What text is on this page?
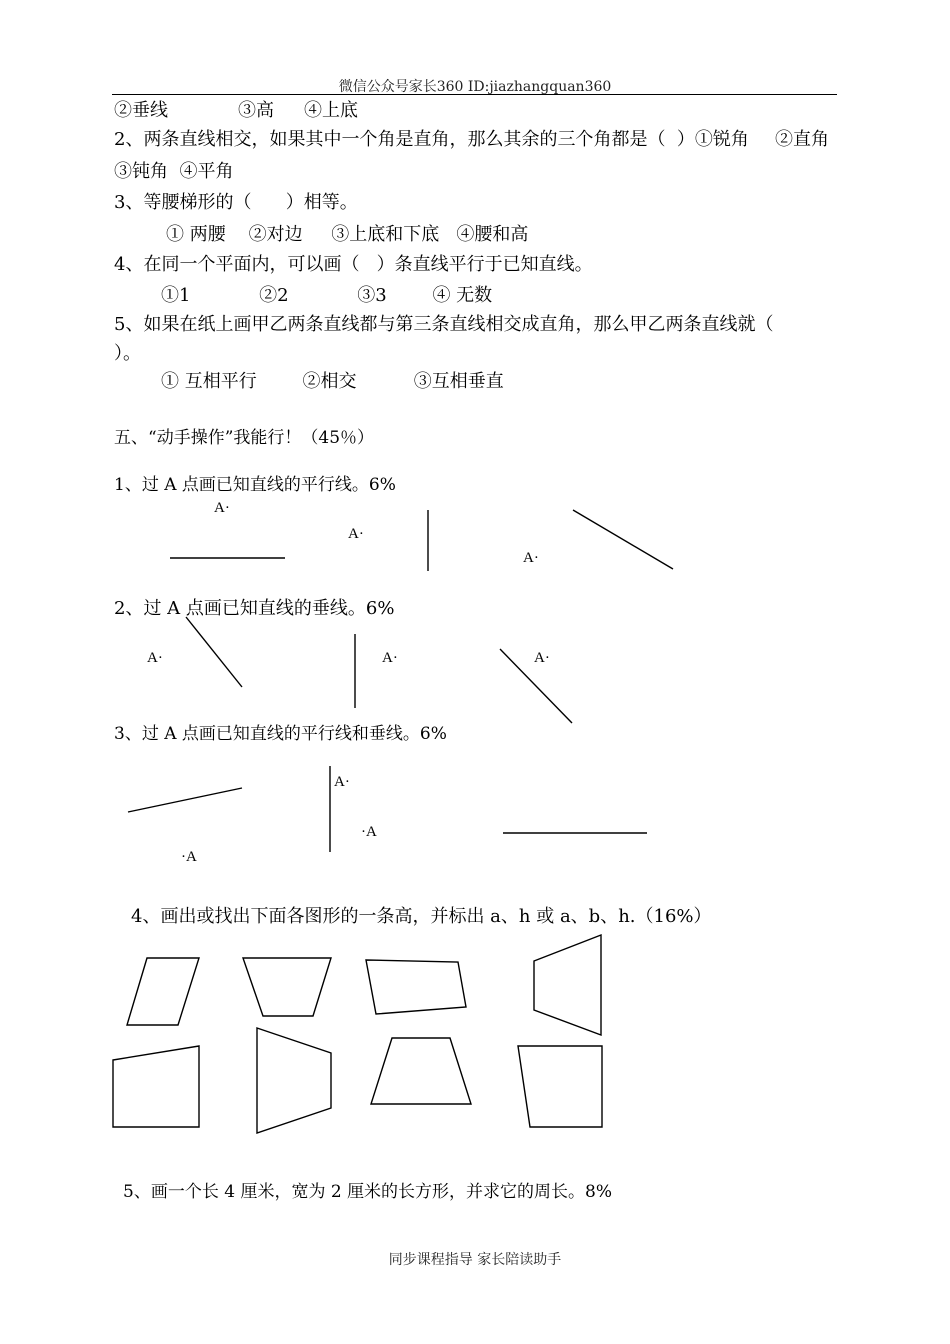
微信公众号家长360 ID:jiazhangquan360
②垂线	③高 ④上底
2、两条直线相交，如果其中一个角是直角，那么其余的三个角都是（  ）①锐角 ②直角
③钝角  ④平角
3、等腰梯形的（      ）相等。
① 两腰    ②对边     ③上底和下底   ④腰和高
4、在同一个平面内，可以画（   ）条直线平行于已知直线。
①1            ②2            ③3        ④ 无数
5、如果在纸上画甲乙两条直线都与第三条直线相交成直角，那么甲乙两条直线就（
）。
① 互相平行        ②相交          ③互相垂直
五、“动手操作”我能行！（45％）
1、过 A 点画已知直线的平行线。6%
2、过 A 点画已知直线的垂线。6%
3、过 A 点画已知直线的平行线和垂线。6%
4、画出或找出下面各图形的一条高，并标出 a、h 或 a、b、h.（16%）
5、画一个长 4 厘米，宽为 2 厘米的长方形，并求它的周长。8%
A·
A·
A·
A·	A·	A·
A·
·A
·A
同步课程指导 家长陪读助手
